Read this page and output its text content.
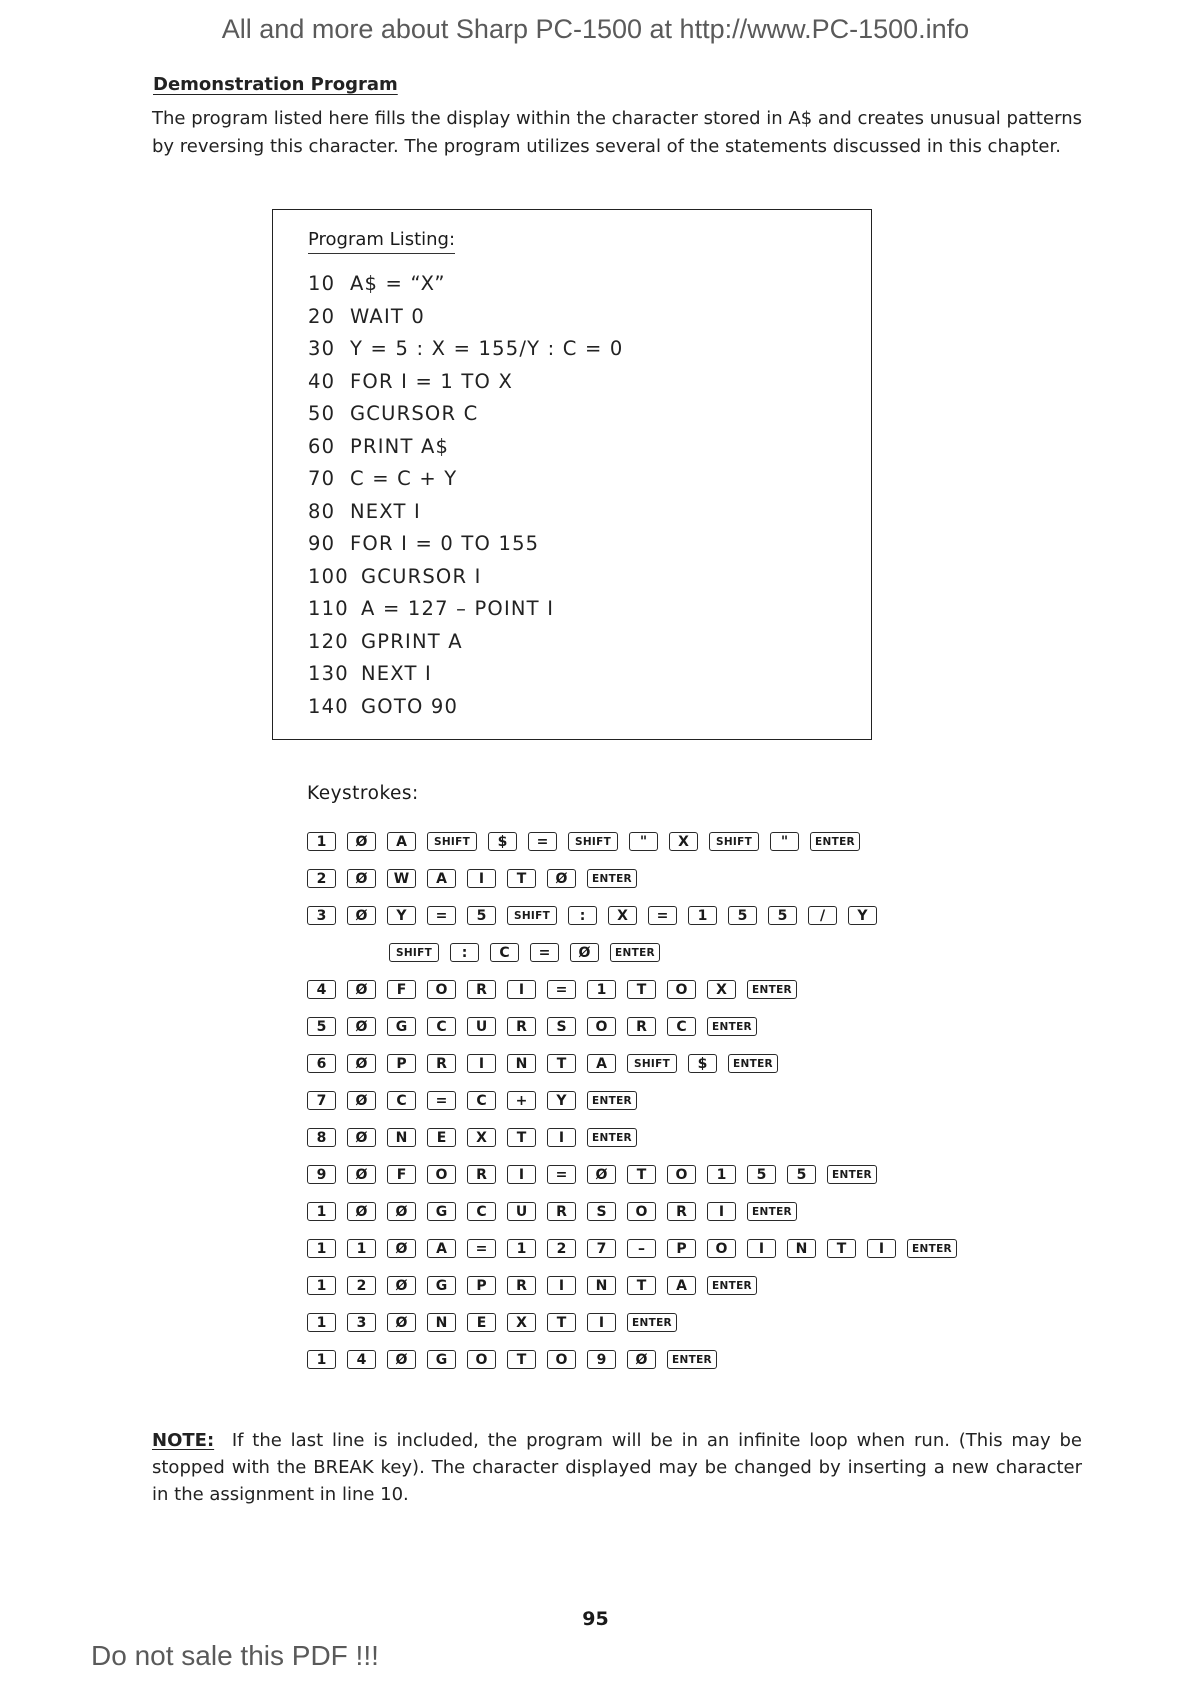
All and more about Sharp PC-1500 at http://www.PC-1500.info
Demonstration Program
The program listed here fills the display within the character stored in A$ and creates unusual patterns by reversing this character. The program utilizes several of the statements discussed in this chapter.
Program Listing:
10 A$ = “X”
20 WAIT 0
30 Y = 5 : X = 155/Y : C = 0
40 FOR I = 1 TO X
50 GCURSOR C
60 PRINT A$
70 C = C + Y
80 NEXT I
90 FOR I = 0 TO 155
100 GCURSOR I
110 A = 127 – POINT I
120 GPRINT A
130 NEXT I
140 GOTO 90
Keystrokes:
1	Ø	A	SHIFT	$	=	SHIFT	"	X	SHIFT	"	ENTER
2	Ø	W	A	I	T	Ø	ENTER
3	Ø	Y	=	5	SHIFT	:	X	=	1	5	5	/	Y
SHIFT	:	C	=	Ø	ENTER
4	Ø	F	O	R	I	=	1	T	O	X	ENTER
5	Ø	G	C	U	R	S	O	R	C	ENTER
6	Ø	P	R	I	N	T	A	SHIFT	$	ENTER
7	Ø	C	=	C	+	Y	ENTER
8	Ø	N	E	X	T	I	ENTER
9	Ø	F	O	R	I	=	Ø	T	O	1	5	5	ENTER
1	Ø	Ø	G	C	U	R	S	O	R	I	ENTER
1	1	Ø	A	=	1	2	7	–	P	O	I	N	T	I	ENTER
1	2	Ø	G	P	R	I	N	T	A	ENTER
1	3	Ø	N	E	X	T	I	ENTER
1	4	Ø	G	O	T	O	9	Ø	ENTER
NOTE: If the last line is included, the program will be in an infinite loop when run. (This may be stopped with the BREAK key). The character displayed may be changed by inserting a new character in the assignment in line 10.
95
Do not sale this PDF !!!
